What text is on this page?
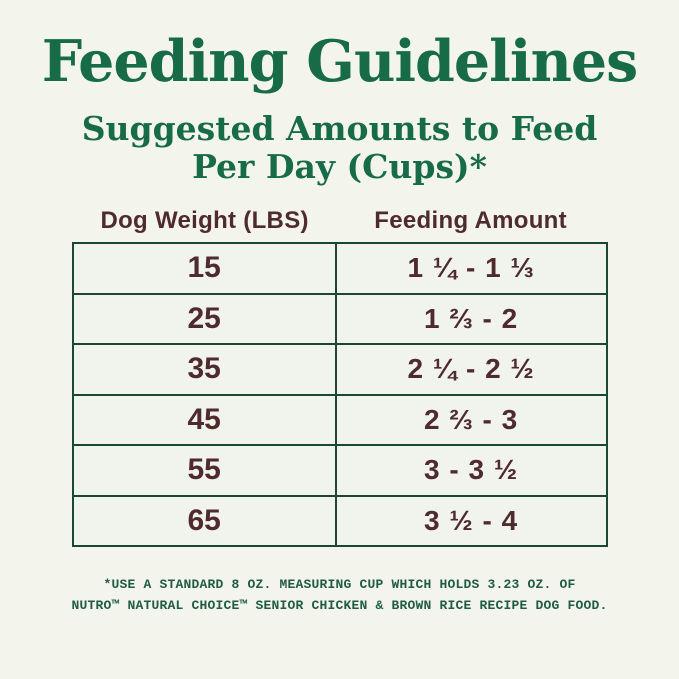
Feeding Guidelines
Suggested Amounts to Feed
Per Day (Cups)*
Dog Weight (LBS)	Feeding Amount
15	1 ¼ - 1 ⅓
25	1 ⅔ - 2
35	2 ¼ - 2 ½
45	2 ⅔ - 3
55	3 - 3 ½
65	3 ½ - 4
*USE A STANDARD 8 OZ. MEASURING CUP WHICH HOLDS 3.23 OZ. OF
NUTRO™ NATURAL CHOICE™ SENIOR CHICKEN & BROWN RICE RECIPE DOG FOOD.
